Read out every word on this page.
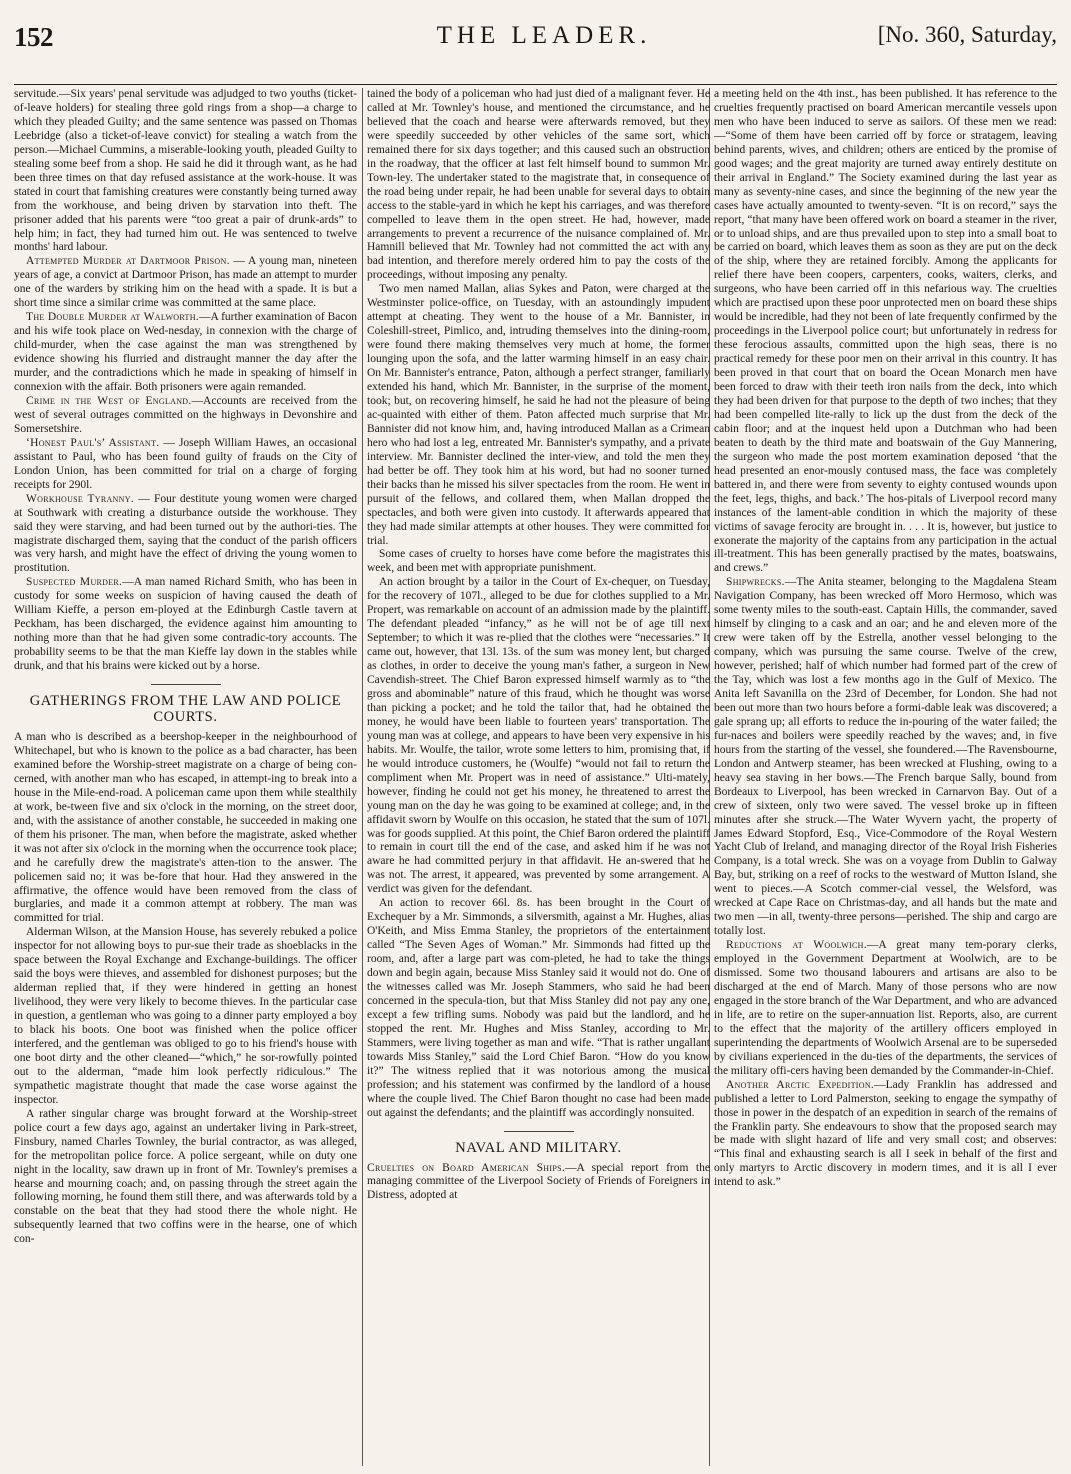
152	THE LEADER.	[No. 360, Saturday,

servitude.—Six years' penal servitude was adjudged to two youths (ticket-of-leave holders) for stealing three gold rings from a shop—a charge to which they pleaded Guilty; and the same sentence was passed on Thomas Leebridge (also a ticket-of-leave convict) for stealing a watch from the person.—Michael Cummins, a miserable-looking youth, pleaded Guilty to stealing some beef from a shop. He said he did it through want, as he had been three times on that day refused assistance at the work-house. It was stated in court that famishing creatures were constantly being turned away from the workhouse, and being driven by starvation into theft. The prisoner added that his parents were “too great a pair of drunk-ards” to help him; in fact, they had turned him out. He was sentenced to twelve months' hard labour.

Attempted Murder at Dartmoor Prison. — A young man, nineteen years of age, a convict at Dartmoor Prison, has made an attempt to murder one of the warders by striking him on the head with a spade. It is but a short time since a similar crime was committed at the same place.

The Double Murder at Walworth.—A further examination of Bacon and his wife took place on Wed-nesday, in connexion with the charge of child-murder, when the case against the man was strengthened by evidence showing his flurried and distraught manner the day after the murder, and the contradictions which he made in speaking of himself in connexion with the affair. Both prisoners were again remanded.

Crime in the West of England.—Accounts are received from the west of several outrages committed on the highways in Devonshire and Somersetshire.

‘Honest Paul's’ Assistant. — Joseph William Hawes, an occasional assistant to Paul, who has been found guilty of frauds on the City of London Union, has been committed for trial on a charge of forging receipts for 290l.

Workhouse Tyranny. — Four destitute young women were charged at Southwark with creating a disturbance outside the workhouse. They said they were starving, and had been turned out by the authori-ties. The magistrate discharged them, saying that the conduct of the parish officers was very harsh, and might have the effect of driving the young women to prostitution.

Suspected Murder.—A man named Richard Smith, who has been in custody for some weeks on suspicion of having caused the death of William Kieffe, a person em-ployed at the Edinburgh Castle tavern at Peckham, has been discharged, the evidence against him amounting to nothing more than that he had given some contradic-tory accounts. The probability seems to be that the man Kieffe lay down in the stables while drunk, and that his brains were kicked out by a horse.

GATHERINGS FROM THE LAW AND POLICE COURTS.

A man who is described as a beershop-keeper in the neighbourhood of Whitechapel, but who is known to the police as a bad character, has been examined before the Worship-street magistrate on a charge of being con-cerned, with another man who has escaped, in attempt-ing to break into a house in the Mile-end-road. A policeman came upon them while stealthily at work, be-tween five and six o'clock in the morning, on the street door, and, with the assistance of another constable, he succeeded in making one of them his prisoner. The man, when before the magistrate, asked whether it was not after six o'clock in the morning when the occurrence took place; and he carefully drew the magistrate's atten-tion to the answer. The policemen said no; it was be-fore that hour. Had they answered in the affirmative, the offence would have been removed from the class of burglaries, and made it a common attempt at robbery. The man was committed for trial.

Alderman Wilson, at the Mansion House, has severely rebuked a police inspector for not allowing boys to pur-sue their trade as shoeblacks in the space between the Royal Exchange and Exchange-buildings. The officer said the boys were thieves, and assembled for dishonest purposes; but the alderman replied that, if they were hindered in getting an honest livelihood, they were very likely to become thieves. In the particular case in question, a gentleman who was going to a dinner party employed a boy to black his boots. One boot was finished when the police officer interfered, and the gentleman was obliged to go to his friend's house with one boot dirty and the other cleaned—“which,” he sor-rowfully pointed out to the alderman, “made him look perfectly ridiculous.” The sympathetic magistrate thought that made the case worse against the inspector.

A rather singular charge was brought forward at the Worship-street police court a few days ago, against an undertaker living in Park-street, Finsbury, named Charles Townley, the burial contractor, as was alleged, for the metropolitan police force. A police sergeant, while on duty one night in the locality, saw drawn up in front of Mr. Townley's premises a hearse and mourning coach; and, on passing through the street again the following morning, he found them still there, and was afterwards told by a constable on the beat that they had stood there the whole night. He subsequently learned that two coffins were in the hearse, one of which con-

tained the body of a policeman who had just died of a malignant fever. He called at Mr. Townley's house, and mentioned the circumstance, and he believed that the coach and hearse were afterwards removed, but they were speedily succeeded by other vehicles of the same sort, which remained there for six days together; and this caused such an obstruction in the roadway, that the officer at last felt himself bound to summon Mr. Town-ley. The undertaker stated to the magistrate that, in consequence of the road being under repair, he had been unable for several days to obtain access to the stable-yard in which he kept his carriages, and was therefore compelled to leave them in the open street. He had, however, made arrangements to prevent a recurrence of the nuisance complained of. Mr. Hamnill believed that Mr. Townley had not committed the act with any bad intention, and therefore merely ordered him to pay the costs of the proceedings, without imposing any penalty.

Two men named Mallan, alias Sykes and Paton, were charged at the Westminster police-office, on Tuesday, with an astoundingly impudent attempt at cheating. They went to the house of a Mr. Bannister, in Coleshill-street, Pimlico, and, intruding themselves into the dining-room, were found there making themselves very much at home, the former lounging upon the sofa, and the latter warming himself in an easy chair. On Mr. Bannister's entrance, Paton, although a perfect stranger, familiarly extended his hand, which Mr. Bannister, in the surprise of the moment, took; but, on recovering himself, he said he had not the pleasure of being ac-quainted with either of them. Paton affected much surprise that Mr. Bannister did not know him, and, having introduced Mallan as a Crimean hero who had lost a leg, entreated Mr. Bannister's sympathy, and a private interview. Mr. Bannister declined the inter-view, and told the men they had better be off. They took him at his word, but had no sooner turned their backs than he missed his silver spectacles from the room. He went in pursuit of the fellows, and collared them, when Mallan dropped the spectacles, and both were given into custody. It afterwards appeared that they had made similar attempts at other houses. They were committed for trial.

Some cases of cruelty to horses have come before the magistrates this week, and been met with appropriate punishment.

An action brought by a tailor in the Court of Ex-chequer, on Tuesday, for the recovery of 107l., alleged to be due for clothes supplied to a Mr. Propert, was remarkable on account of an admission made by the plaintiff. The defendant pleaded “infancy,” as he will not be of age till next September; to which it was re-plied that the clothes were “necessaries.” It came out, however, that 13l. 13s. of the sum was money lent, but charged as clothes, in order to deceive the young man's father, a surgeon in New Cavendish-street. The Chief Baron expressed himself warmly as to “the gross and abominable” nature of this fraud, which he thought was worse than picking a pocket; and he told the tailor that, had he obtained the money, he would have been liable to fourteen years' transportation. The young man was at college, and appears to have been very expensive in his habits. Mr. Woulfe, the tailor, wrote some letters to him, promising that, if he would introduce customers, he (Woulfe) “would not fail to return the compliment when Mr. Propert was in need of assistance.” Ulti-mately, however, finding he could not get his money, he threatened to arrest the young man on the day he was going to be examined at college; and, in the affidavit sworn by Woulfe on this occasion, he stated that the sum of 107l. was for goods supplied. At this point, the Chief Baron ordered the plaintiff to remain in court till the end of the case, and asked him if he was not aware he had committed perjury in that affidavit. He an-swered that he was not. The arrest, it appeared, was prevented by some arrangement. A verdict was given for the defendant.

An action to recover 66l. 8s. has been brought in the Court of Exchequer by a Mr. Simmonds, a silversmith, against a Mr. Hughes, alias O'Keith, and Miss Emma Stanley, the proprietors of the entertainment called “The Seven Ages of Woman.” Mr. Simmonds had fitted up the room, and, after a large part was com-pleted, he had to take the things down and begin again, because Miss Stanley said it would not do. One of the witnesses called was Mr. Joseph Stammers, who said he had been concerned in the specula-tion, but that Miss Stanley did not pay any one, except a few trifling sums. Nobody was paid but the landlord, and he stopped the rent. Mr. Hughes and Miss Stanley, according to Mr. Stammers, were living together as man and wife. “That is rather ungallant towards Miss Stanley,” said the Lord Chief Baron. “How do you know it?” The witness replied that it was notorious among the musical profession; and his statement was confirmed by the landlord of a house where the couple lived. The Chief Baron thought no case had been made out against the defendants; and the plaintiff was accordingly nonsuited.

NAVAL AND MILITARY.

Cruelties on Board American Ships.—A special report from the managing committee of the Liverpool Society of Friends of Foreigners in Distress, adopted at

a meeting held on the 4th inst., has been published. It has reference to the cruelties frequently practised on board American mercantile vessels upon men who have been induced to serve as sailors. Of these men we read: —“Some of them have been carried off by force or stratagem, leaving behind parents, wives, and children; others are enticed by the promise of good wages; and the great majority are turned away entirely destitute on their arrival in England.” The Society examined during the last year as many as seventy-nine cases, and since the beginning of the new year the cases have actually amounted to twenty-seven. “It is on record,” says the report, “that many have been offered work on board a steamer in the river, or to unload ships, and are thus prevailed upon to step into a small boat to be carried on board, which leaves them as soon as they are put on the deck of the ship, where they are retained forcibly. Among the applicants for relief there have been coopers, carpenters, cooks, waiters, clerks, and surgeons, who have been carried off in this nefarious way. The cruelties which are practised upon these poor unprotected men on board these ships would be incredible, had they not been of late frequently confirmed by the proceedings in the Liverpool police court; but unfortunately in redress for these ferocious assaults, committed upon the high seas, there is no practical remedy for these poor men on their arrival in this country. It has been proved in that court that on board the Ocean Monarch men have been forced to draw with their teeth iron nails from the deck, into which they had been driven for that purpose to the depth of two inches; that they had been compelled lite-rally to lick up the dust from the deck of the cabin floor; and at the inquest held upon a Dutchman who had been beaten to death by the third mate and boatswain of the Guy Mannering, the surgeon who made the post mortem examination deposed ‘that the head presented an enor-mously contused mass, the face was completely battered in, and there were from seventy to eighty contused wounds upon the feet, legs, thighs, and back.’ The hos-pitals of Liverpool record many instances of the lament-able condition in which the majority of these victims of savage ferocity are brought in. . . . It is, however, but justice to exonerate the majority of the captains from any participation in the actual ill-treatment. This has been generally practised by the mates, boatswains, and crews.”

Shipwrecks.—The Anita steamer, belonging to the Magdalena Steam Navigation Company, has been wrecked off Moro Hermoso, which was some twenty miles to the south-east. Captain Hills, the commander, saved himself by clinging to a cask and an oar; and he and eleven more of the crew were taken off by the Estrella, another vessel belonging to the company, which was pursuing the same course. Twelve of the crew, however, perished; half of which number had formed part of the crew of the Tay, which was lost a few months ago in the Gulf of Mexico. The Anita left Savanilla on the 23rd of December, for London. She had not been out more than two hours before a formi-dable leak was discovered; a gale sprang up; all efforts to reduce the in-pouring of the water failed; the fur-naces and boilers were speedily reached by the waves; and, in five hours from the starting of the vessel, she foundered.—The Ravensbourne, London and Antwerp steamer, has been wrecked at Flushing, owing to a heavy sea staving in her bows.—The French barque Sally, bound from Bordeaux to Liverpool, has been wrecked in Carnarvon Bay. Out of a crew of sixteen, only two were saved. The vessel broke up in fifteen minutes after she struck.—The Water Wyvern yacht, the property of James Edward Stopford, Esq., Vice-Commodore of the Royal Western Yacht Club of Ireland, and managing director of the Royal Irish Fisheries Company, is a total wreck. She was on a voyage from Dublin to Galway Bay, but, striking on a reef of rocks to the westward of Mutton Island, she went to pieces.—A Scotch commer-cial vessel, the Welsford, was wrecked at Cape Race on Christmas-day, and all hands but the mate and two men —in all, twenty-three persons—perished. The ship and cargo are totally lost.

Reductions at Woolwich.—A great many tem-porary clerks, employed in the Government Department at Woolwich, are to be dismissed. Some two thousand labourers and artisans are also to be discharged at the end of March. Many of those persons who are now engaged in the store branch of the War Department, and who are advanced in life, are to retire on the super-annuation list. Reports, also, are current to the effect that the majority of the artillery officers employed in superintending the departments of Woolwich Arsenal are to be superseded by civilians experienced in the du-ties of the departments, the services of the military offi-cers having been demanded by the Commander-in-Chief.

Another Arctic Expedition.—Lady Franklin has addressed and published a letter to Lord Palmerston, seeking to engage the sympathy of those in power in the despatch of an expedition in search of the remains of the Franklin party. She endeavours to show that the proposed search may be made with slight hazard of life and very small cost; and observes: “This final and exhausting search is all I seek in behalf of the first and only martyrs to Arctic discovery in modern times, and it is all I ever intend to ask.”
